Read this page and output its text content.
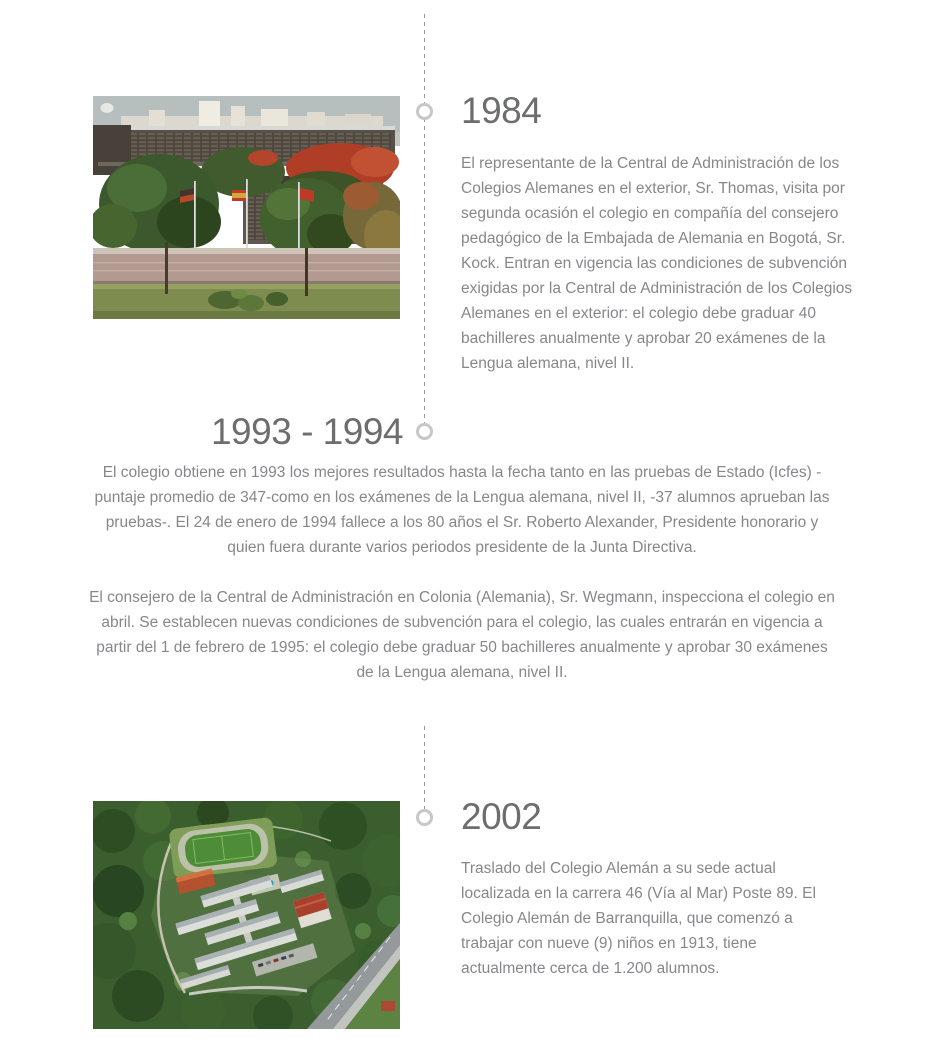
1984

El representante de la Central de Administración de los Colegios Alemanes en el exterior, Sr. Thomas, visita por segunda ocasión el colegio en compañía del consejero pedagógico de la Embajada de Alemania en Bogotá, Sr. Kock. Entran en vigencia las condiciones de subvención exigidas por la Central de Administración de los Colegios Alemanes en el exterior: el colegio debe graduar 40 bachilleres anualmente y aprobar 20 exámenes de la Lengua alemana, nivel II.

1993 - 1994

El colegio obtiene en 1993 los mejores resultados hasta la fecha tanto en las pruebas de Estado (Icfes) -puntaje promedio de 347-como en los exámenes de la Lengua alemana, nivel II, -37 alumnos aprueban las pruebas-. El 24 de enero de 1994 fallece a los 80 años el Sr. Roberto Alexander, Presidente honorario y quien fuera durante varios periodos presidente de la Junta Directiva.

El consejero de la Central de Administración en Colonia (Alemania), Sr. Wegmann, inspecciona el colegio en abril. Se establecen nuevas condiciones de subvención para el colegio, las cuales entrarán en vigencia a partir del 1 de febrero de 1995: el colegio debe graduar 50 bachilleres anualmente y aprobar 30 exámenes de la Lengua alemana, nivel II.

2002

Traslado del Colegio Alemán a su sede actual localizada en la carrera 46 (Vía al Mar) Poste 89. El Colegio Alemán de Barranquilla, que comenzó a trabajar con nueve (9) niños en 1913, tiene actualmente cerca de 1.200 alumnos.
